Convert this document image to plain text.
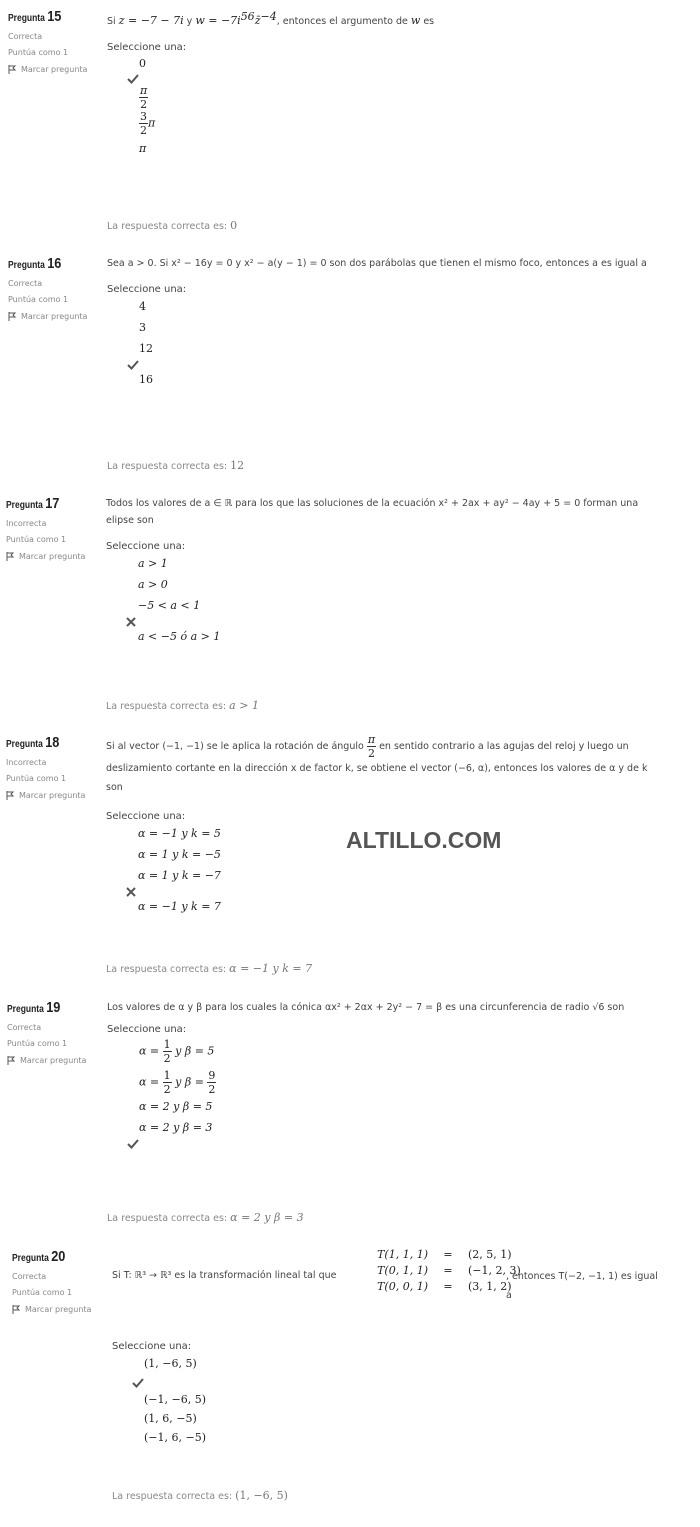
Pregunta 15
Correcta
Puntúa como 1
Marcar pregunta
Si z = −7 − 7i y $w = -7i^{56}z̄^{-4}$, entonces el argumento de w es
Seleccione una:
0
$\frac{\pi}{2}$
$\frac{3}{2}$ π
π
La respuesta correcta es: 0
Pregunta 16
Correcta
Puntúa como 1
Marcar pregunta
Sea a > 0. Si x² − 16y = 0 y x² − a(y − 1) = 0 son dos parábolas que tienen el mismo foco, entonces a es igual a
Seleccione una:
4
3
12
16
La respuesta correcta es: 12
Pregunta 17
Incorrecta
Puntúa como 1
Marcar pregunta
Todos los valores de a ∈ ℝ para los que las soluciones de la ecuación x² + 2ax + ay² − 4ay + 5 = 0 forman una elipse son
Seleccione una:
a > 1
a > 0
−5 < a < 1
a < −5 ó a > 1
La respuesta correcta es: a > 1
Pregunta 18
Incorrecta
Puntúa como 1
Marcar pregunta
Si al vector (−1, −1) se le aplica la rotación de ángulo $\frac{\pi}{2}$ en sentido contrario a las agujas del reloj y luego un deslizamiento cortante en la dirección x de factor k, se obtiene el vector (−6, α), entonces los valores de α y de k son
Seleccione una:
α = −1 y k = 5
α = 1 y k = −5
α = 1 y k = −7
α = −1 y k = 7
ALTILLO.COM
La respuesta correcta es: α = −1 y k = 7
Pregunta 19
Correcta
Puntúa como 1
Marcar pregunta
Los valores de α y β para los cuales la cónica αx² + 2αx + 2y² − 7 = β es una circunferencia de radio √6 son
Seleccione una:
$\alpha = \frac{1}{2}$ y β = 5
$\alpha = \frac{1}{2}$ y $\beta = \frac{9}{2}$
α = 2 y β = 5
α = 2 y β = 3
La respuesta correcta es: α = 2 y β = 3
Pregunta 20
Correcta
Puntúa como 1
Marcar pregunta
Si T: ℝ³ → ℝ³ es la transformación lineal tal que
T(1, 1, 1)	=	(2, 5, 1)
T(0, 1, 1)	=	(−1, 2, 3)
T(0, 0, 1)	=	(3, 1, 2)
, entonces T(−2, −1, 1) es igual a
Seleccione una:
(1, −6, 5)
(−1, −6, 5)
(1, 6, −5)
(−1, 6, −5)
La respuesta correcta es: (1, −6, 5)
